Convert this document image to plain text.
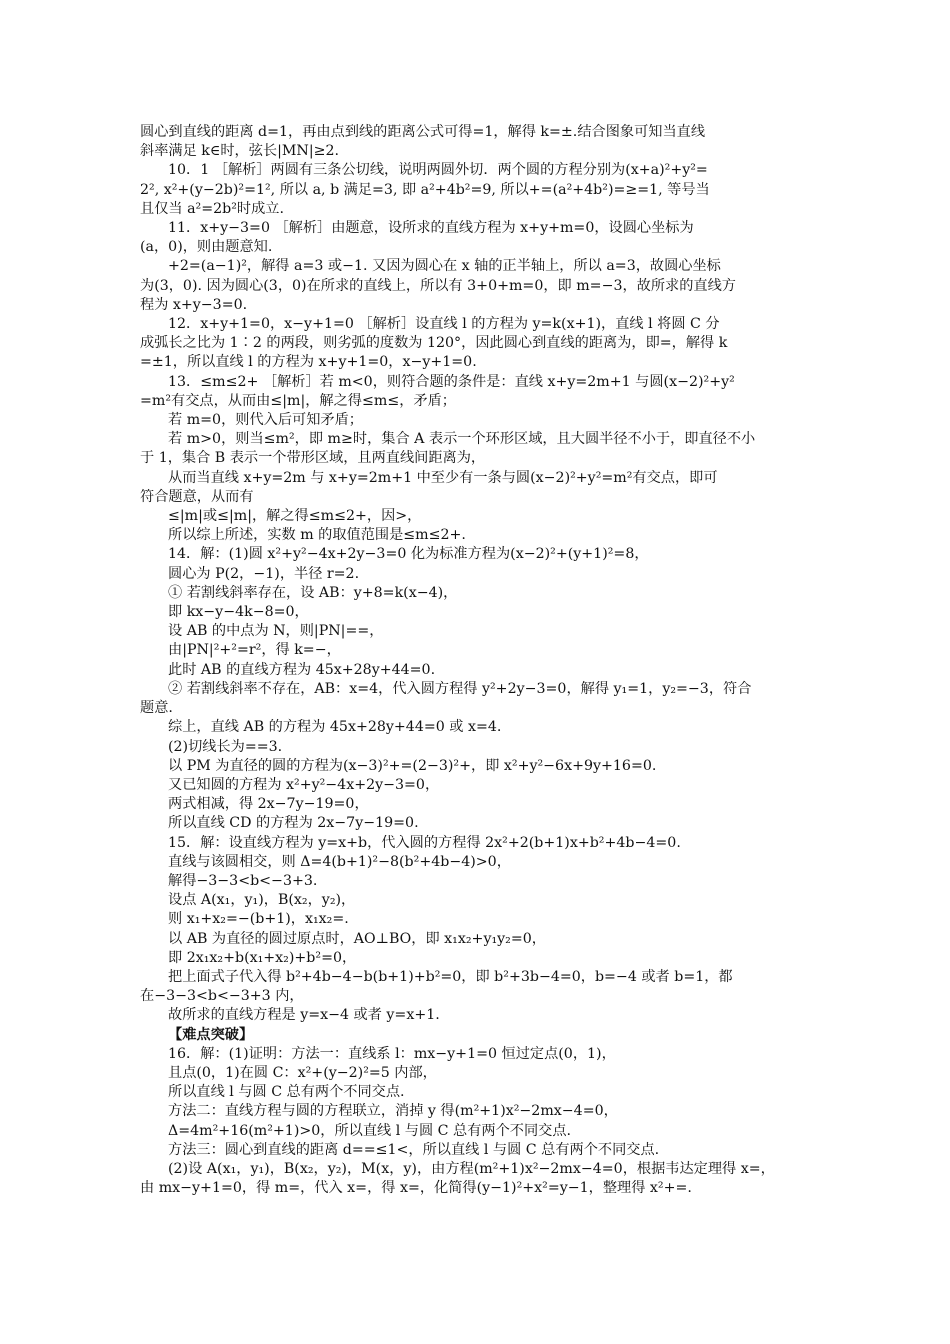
圆心到直线的距离 d=1，再由点到线的距离公式可得=1，解得 k=±.结合图象可知当直线
斜率满足 k∈时，弦长|MN|≥2.
10．1 ［解析］两圆有三条公切线，说明两圆外切．两个圆的方程分别为(x+a)²+y²=
2², x²+(y−2b)²=1², 所以 a, b 满足=3, 即 a²+4b²=9, 所以+=(a²+4b²)=≥=1, 等号当
且仅当 a²=2b²时成立.
11．x+y−3=0 ［解析］由题意，设所求的直线方程为 x+y+m=0，设圆心坐标为
(a，0)，则由题意知.
+2=(a−1)²，解得 a=3 或−1. 又因为圆心在 x 轴的正半轴上，所以 a=3，故圆心坐标
为(3，0). 因为圆心(3，0)在所求的直线上，所以有 3+0+m=0，即 m=−3，故所求的直线方
程为 x+y−3=0.
12．x+y+1=0，x−y+1=0 ［解析］设直线 l 的方程为 y=k(x+1)，直线 l 将圆 C 分
成弧长之比为 1∶2 的两段，则劣弧的度数为 120°，因此圆心到直线的距离为，即=，解得 k
=±1，所以直线 l 的方程为 x+y+1=0，x−y+1=0.
13．≤m≤2+ ［解析］若 m<0，则符合题的条件是：直线 x+y=2m+1 与圆(x−2)²+y²
=m²有交点，从而由≤|m|，解之得≤m≤，矛盾；
若 m=0，则代入后可知矛盾；
若 m>0，则当≤m²，即 m≥时，集合 A 表示一个环形区域，且大圆半径不小于，即直径不小
于 1，集合 B 表示一个带形区域，且两直线间距离为，
从而当直线 x+y=2m 与 x+y=2m+1 中至少有一条与圆(x−2)²+y²=m²有交点，即可
符合题意，从而有
≤|m|或≤|m|，解之得≤m≤2+，因>，
所以综上所述，实数 m 的取值范围是≤m≤2+.
14．解：(1)圆 x²+y²−4x+2y−3=0 化为标准方程为(x−2)²+(y+1)²=8，
圆心为 P(2，−1)，半径 r=2.
① 若割线斜率存在，设 AB：y+8=k(x−4)，
即 kx−y−4k−8=0，
设 AB 的中点为 N，则|PN|==，
由|PN|²+²=r²，得 k=−，
此时 AB 的直线方程为 45x+28y+44=0.
② 若割线斜率不存在，AB：x=4，代入圆方程得 y²+2y−3=0，解得 y₁=1，y₂=−3，符合
题意.
综上，直线 AB 的方程为 45x+28y+44=0 或 x=4.
(2)切线长为==3.
以 PM 为直径的圆的方程为(x−3)²+=(2−3)²+，即 x²+y²−6x+9y+16=0.
又已知圆的方程为 x²+y²−4x+2y−3=0，
两式相减，得 2x−7y−19=0，
所以直线 CD 的方程为 2x−7y−19=0.
15．解：设直线方程为 y=x+b，代入圆的方程得 2x²+2(b+1)x+b²+4b−4=0.
直线与该圆相交，则 Δ=4(b+1)²−8(b²+4b−4)>0，
解得−3−3<b<−3+3.
设点 A(x₁，y₁)，B(x₂，y₂)，
则 x₁+x₂=−(b+1)，x₁x₂=.
以 AB 为直径的圆过原点时，AO⊥BO，即 x₁x₂+y₁y₂=0，
即 2x₁x₂+b(x₁+x₂)+b²=0，
把上面式子代入得 b²+4b−4−b(b+1)+b²=0，即 b²+3b−4=0，b=−4 或者 b=1，都
在−3−3<b<−3+3 内，
故所求的直线方程是 y=x−4 或者 y=x+1.
【难点突破】
16．解：(1)证明：方法一：直线系 l：mx−y+1=0 恒过定点(0，1)，
且点(0，1)在圆 C：x²+(y−2)²=5 内部，
所以直线 l 与圆 C 总有两个不同交点.
方法二：直线方程与圆的方程联立，消掉 y 得(m²+1)x²−2mx−4=0，
Δ=4m²+16(m²+1)>0，所以直线 l 与圆 C 总有两个不同交点.
方法三：圆心到直线的距离 d==≤1<，所以直线 l 与圆 C 总有两个不同交点.
(2)设 A(x₁，y₁)，B(x₂，y₂)，M(x，y)，由方程(m²+1)x²−2mx−4=0，根据韦达定理得 x=，
由 mx−y+1=0，得 m=，代入 x=，得 x=，化简得(y−1)²+x²=y−1，整理得 x²+=.
